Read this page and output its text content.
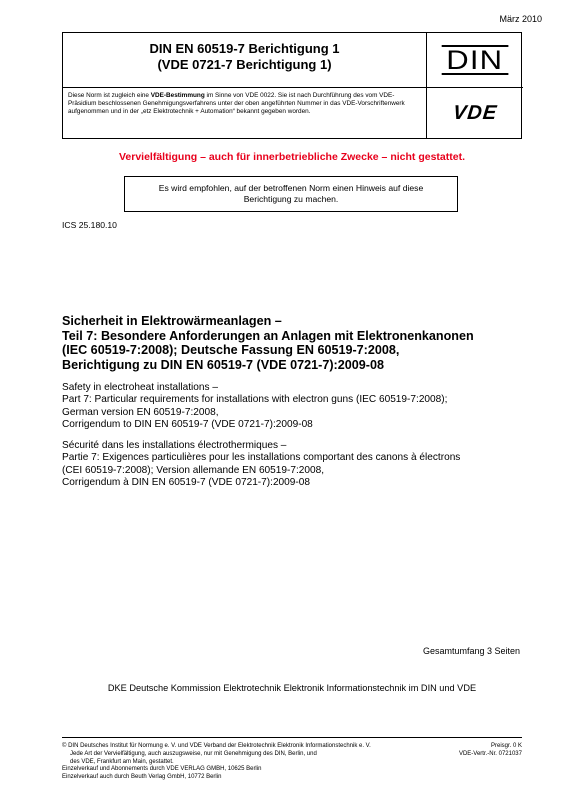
März 2010
DIN EN 60519-7 Berichtigung 1
(VDE 0721-7 Berichtigung 1)	DIN
Diese Norm ist zugleich eine VDE-Bestimmung im Sinne von VDE 0022. Sie ist nach Durchführung des vom VDE-Präsidium beschlossenen Genehmigungsverfahrens unter der oben angeführten Nummer in das VDE-Vorschriftenwerk aufgenommen und in der „etz Elektrotechnik + Automation“ bekannt gegeben worden.	VDE
Vervielfältigung – auch für innerbetriebliche Zwecke – nicht gestattet.
Es wird empfohlen, auf der betroffenen Norm einen Hinweis auf diese
Berichtigung zu machen.
ICS 25.180.10
Sicherheit in Elektrowärmeanlagen –
Teil 7: Besondere Anforderungen an Anlagen mit Elektronenkanonen
(IEC 60519-7:2008); Deutsche Fassung EN 60519-7:2008,
Berichtigung zu DIN EN 60519-7 (VDE 0721-7):2009-08
Safety in electroheat installations –
Part 7: Particular requirements for installations with electron guns (IEC 60519-7:2008);
German version EN 60519-7:2008,
Corrigendum to DIN EN 60519-7 (VDE 0721-7):2009-08
Sécurité dans les installations électrothermiques –
Partie 7: Exigences particulières pour les installations comportant des canons à électrons
(CEI 60519-7:2008); Version allemande EN 60519-7:2008,
Corrigendum à DIN EN 60519-7 (VDE 0721-7):2009-08
Gesamtumfang 3 Seiten
DKE Deutsche Kommission Elektrotechnik Elektronik Informationstechnik im DIN und VDE
© DIN Deutsches Institut für Normung e. V. und VDE Verband der Elektrotechnik Elektronik Informationstechnik e. V.
Jede Art der Vervielfältigung, auch auszugsweise, nur mit Genehmigung des DIN, Berlin, und
des VDE, Frankfurt am Main, gestattet.
Einzelverkauf und Abonnements durch VDE VERLAG GMBH, 10625 Berlin
Einzelverkauf auch durch Beuth Verlag GmbH, 10772 Berlin
Preisgr. 0 K
VDE-Vertr.-Nr. 0721037
